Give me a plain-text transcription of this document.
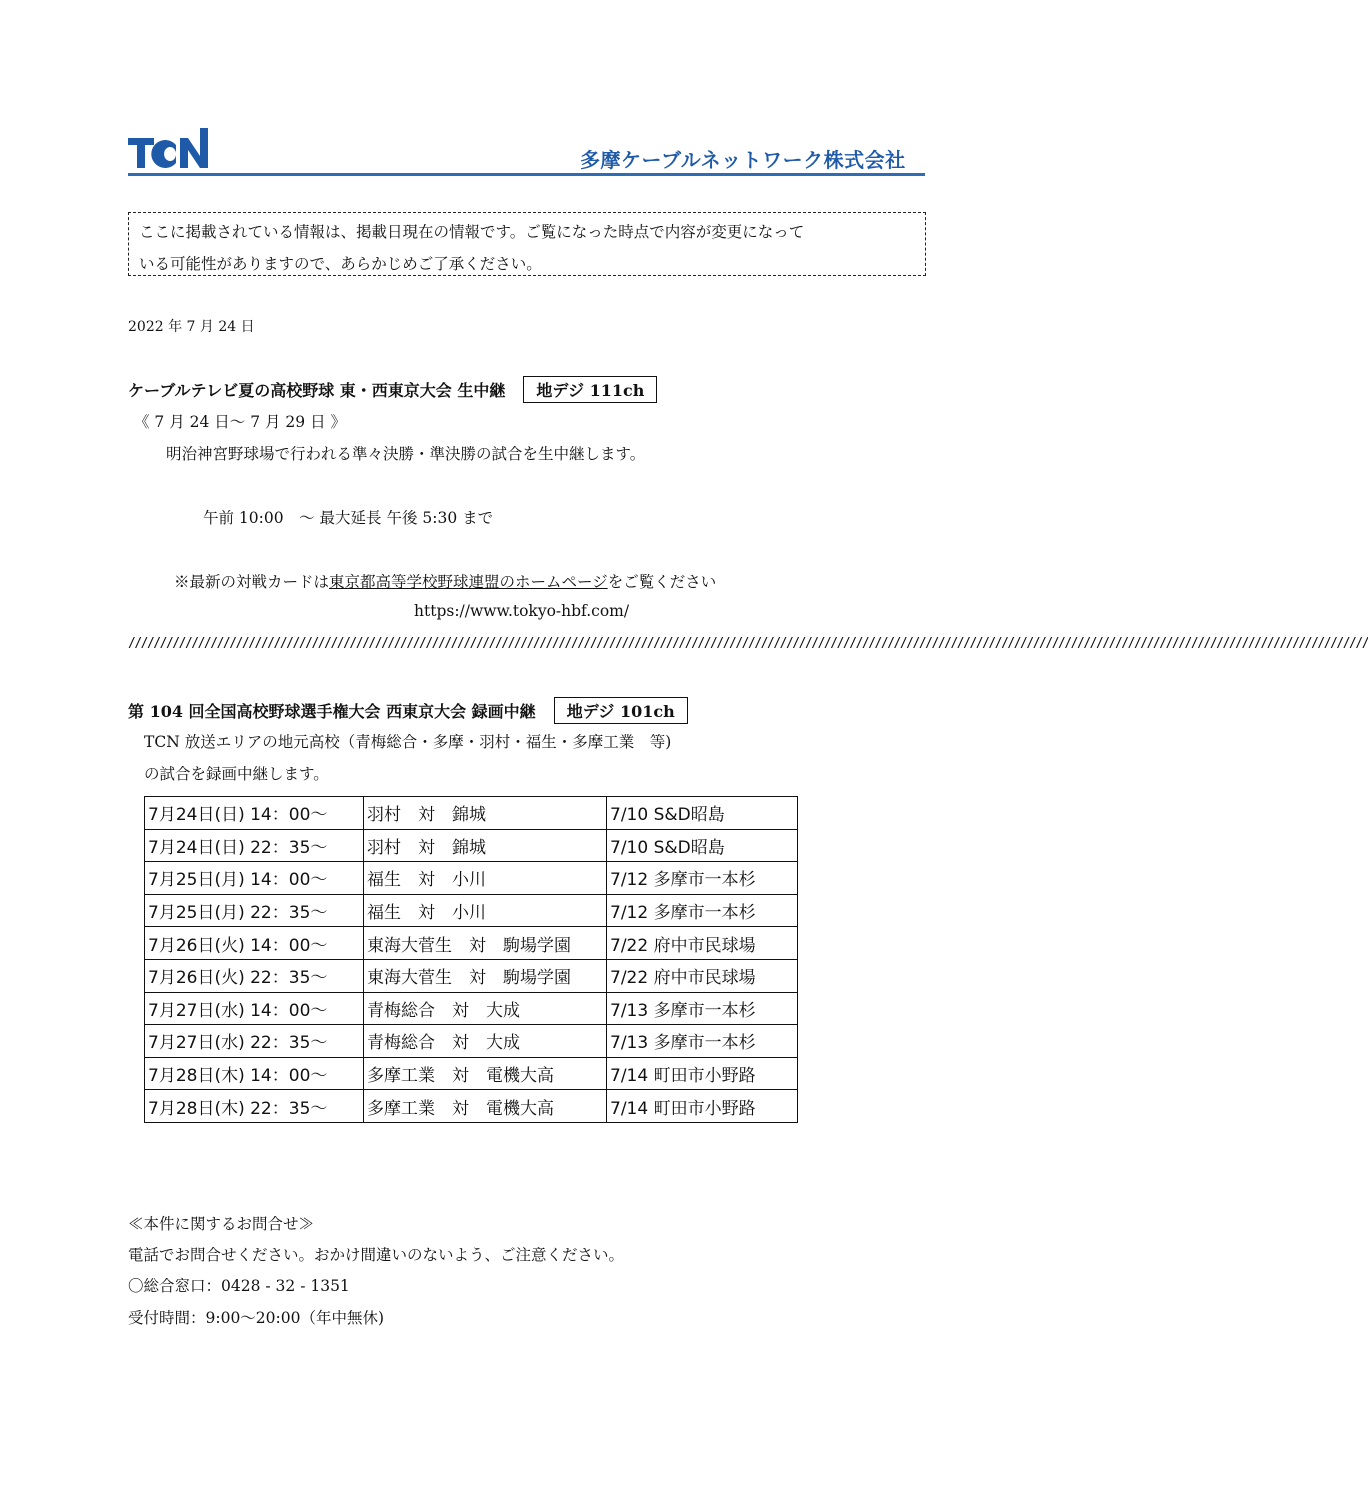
多摩ケーブルネットワーク株式会社

ここに掲載されている情報は、掲載日現在の情報です。ご覧になった時点で内容が変更になって

いる可能性がありますので、あらかじめご了承ください。

2022 年 7 月 24 日
ケーブルテレビ夏の高校野球 東・西東京大会 生中継 地デジ 111ch
《 7 月 24 日～ 7 月 29 日 》
明治神宮野球場で行われる準々決勝・準決勝の試合を生中継します。
午前 10:00　～ 最大延長 午後 5:30 まで
※最新の対戦カードは東京都高等学校野球連盟のホームページをご覧ください
https://www.tokyo-hbf.com/
////////////////////////////////////////////////////////////////////////////////////////////////////////////////////////////////////////////////////////////////////////////////////////////////////
第 104 回全国高校野球選手権大会 西東京大会 録画中継 地デジ 101ch
TCN 放送エリアの地元高校（青梅総合・多摩・羽村・福生・多摩工業　等)
の試合を録画中継します。
7月24日(日) 14：00～	羽村　対　錦城	7/10 S&D昭島
7月24日(日) 22：35～	羽村　対　錦城	7/10 S&D昭島
7月25日(月) 14：00～	福生　対　小川	7/12 多摩市一本杉
7月25日(月) 22：35～	福生　対　小川	7/12 多摩市一本杉
7月26日(火) 14：00～	東海大菅生　対　駒場学園	7/22 府中市民球場
7月26日(火) 22：35～	東海大菅生　対　駒場学園	7/22 府中市民球場
7月27日(水) 14：00～	青梅総合　対　大成	7/13 多摩市一本杉
7月27日(水) 22：35～	青梅総合　対　大成	7/13 多摩市一本杉
7月28日(木) 14：00～	多摩工業　対　電機大高	7/14 町田市小野路
7月28日(木) 22：35～	多摩工業　対　電機大高	7/14 町田市小野路
≪本件に関するお問合せ≫
電話でお問合せください。おかけ間違いのないよう、ご注意ください。
〇総合窓口：0428 - 32 - 1351
受付時間：9:00～20:00（年中無休)
